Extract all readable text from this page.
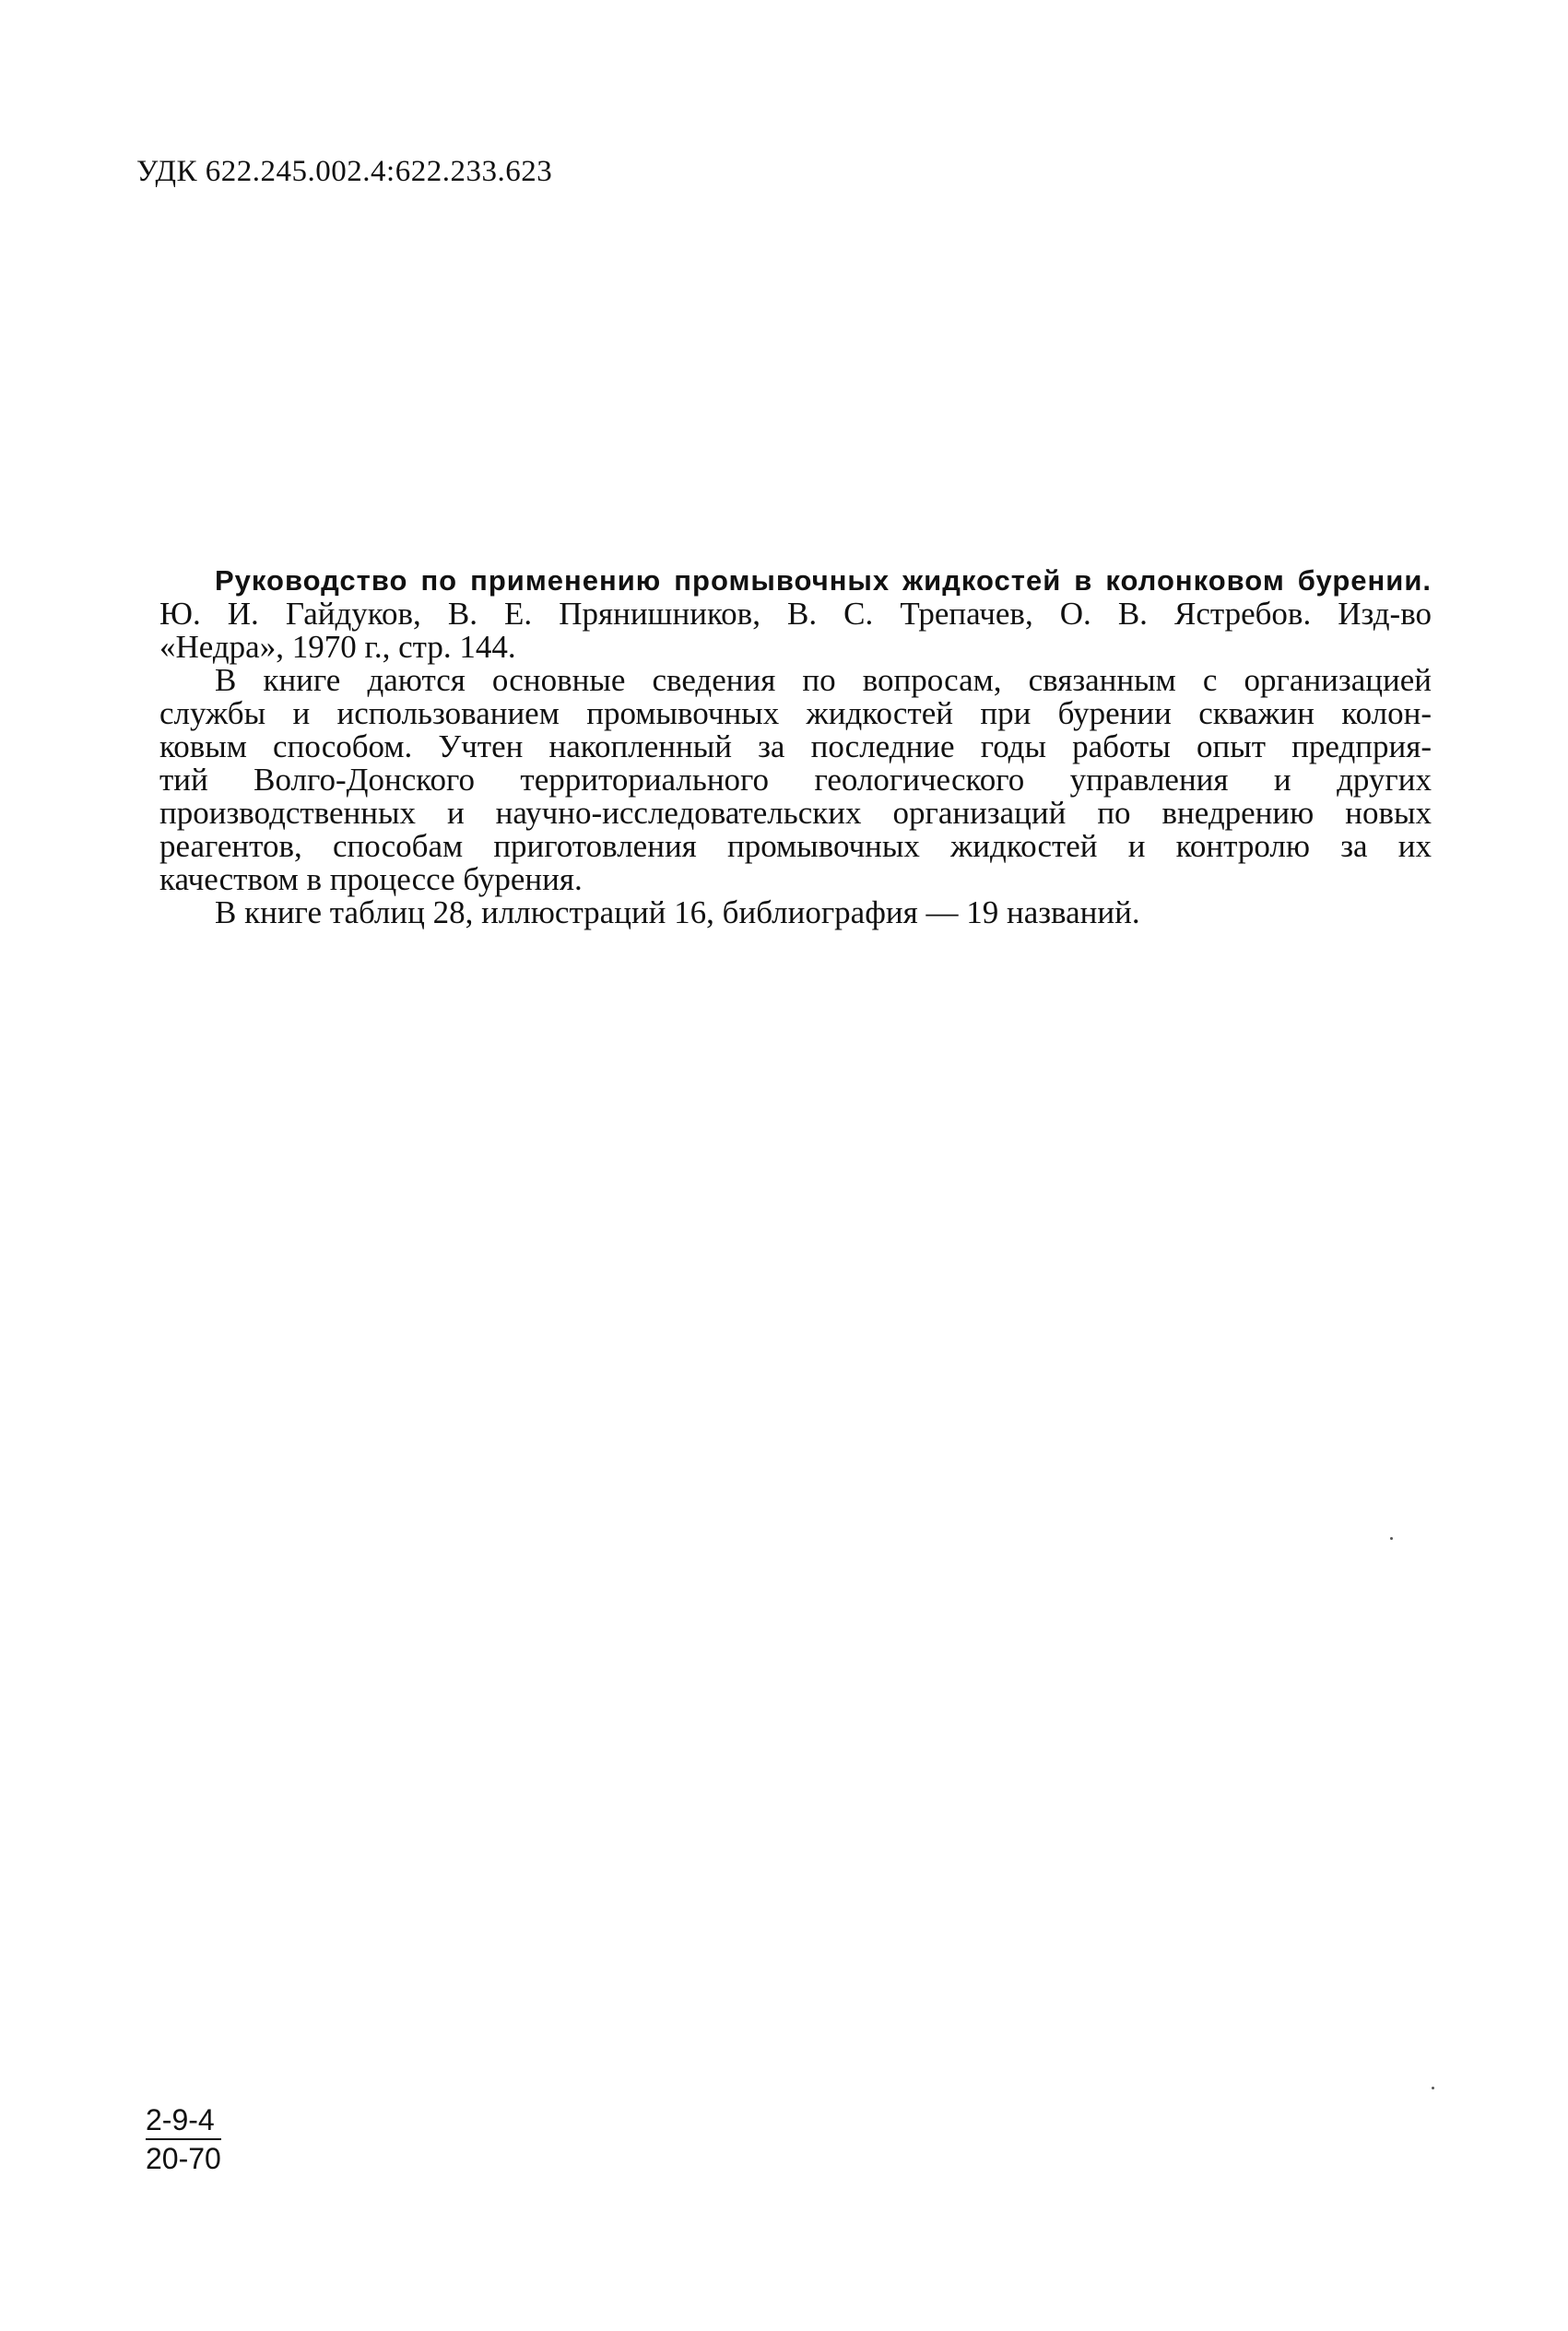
УДК 622.245.002.4:622.233.623
Руководство по применению промывочных жидкостей в колонковом бурении.
Ю. И. Гайдуков, В. Е. Прянишников, В. С. Трепачев, О. В. Ястребов. Изд-во
«Недра», 1970 г., стр. 144.
В книге даются основные сведения по вопросам, связанным с организацией
службы и использованием промывочных жидкостей при бурении скважин колон-
ковым способом. Учтен накопленный за последние годы работы опыт предприя-
тий Волго-Донского территориального геологического управления и других
производственных и научно-исследовательских организаций по внедрению новых
реагентов, способам приготовления промывочных жидкостей и контролю за их
качеством в процессе бурения.
В книге таблиц 28, иллюстраций 16, библиография — 19 названий.
2-9-4
20-70
